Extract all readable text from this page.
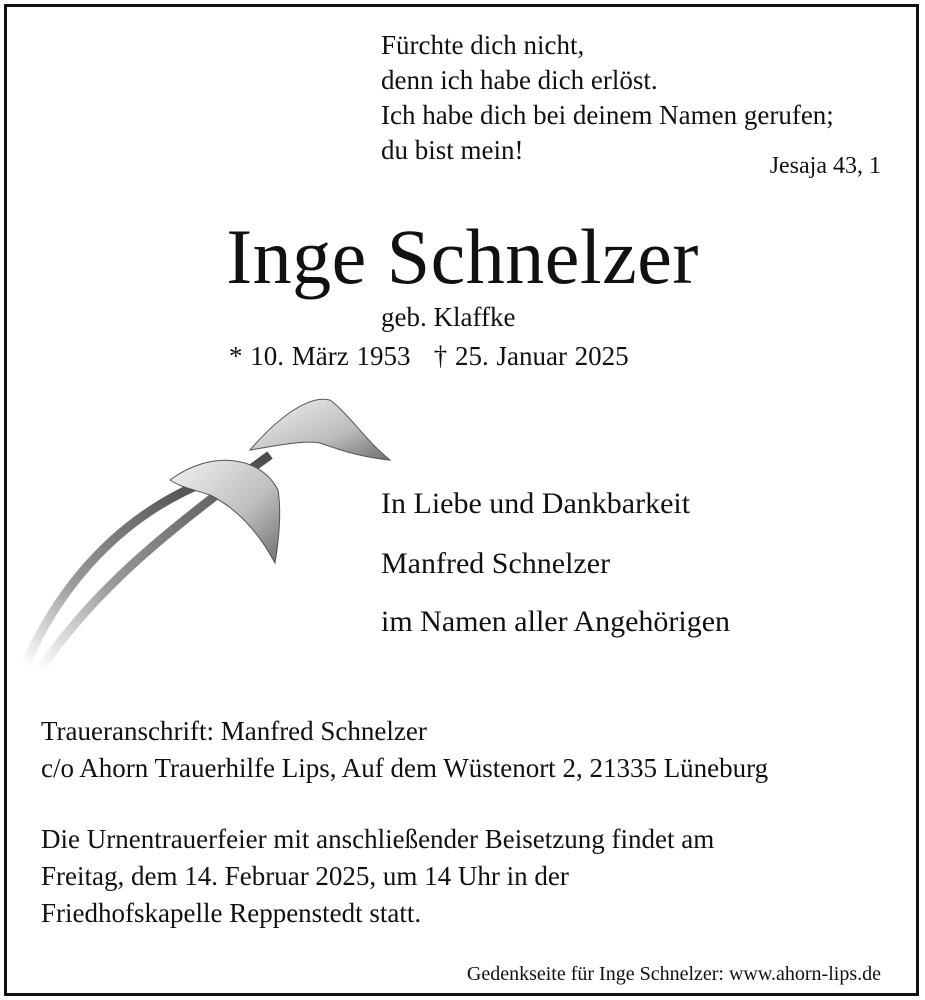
Fürchte dich nicht,
denn ich habe dich erlöst.
Ich habe dich bei deinem Namen gerufen;
du bist mein!
Jesaja 43, 1
Inge Schnelzer
geb. Klaffke
* 10. März 1953 † 25. Januar 2025
In Liebe und Dankbarkeit
Manfred Schnelzer
im Namen aller Angehörigen
Traueranschrift: Manfred Schnelzer
c/o Ahorn Trauerhilfe Lips, Auf dem Wüstenort 2, 21335 Lüneburg
Die Urnentrauerfeier mit anschließender Beisetzung findet am
Freitag, dem 14. Februar 2025, um 14 Uhr in der
Friedhofskapelle Reppenstedt statt.
Gedenkseite für Inge Schnelzer: www.ahorn-lips.de
